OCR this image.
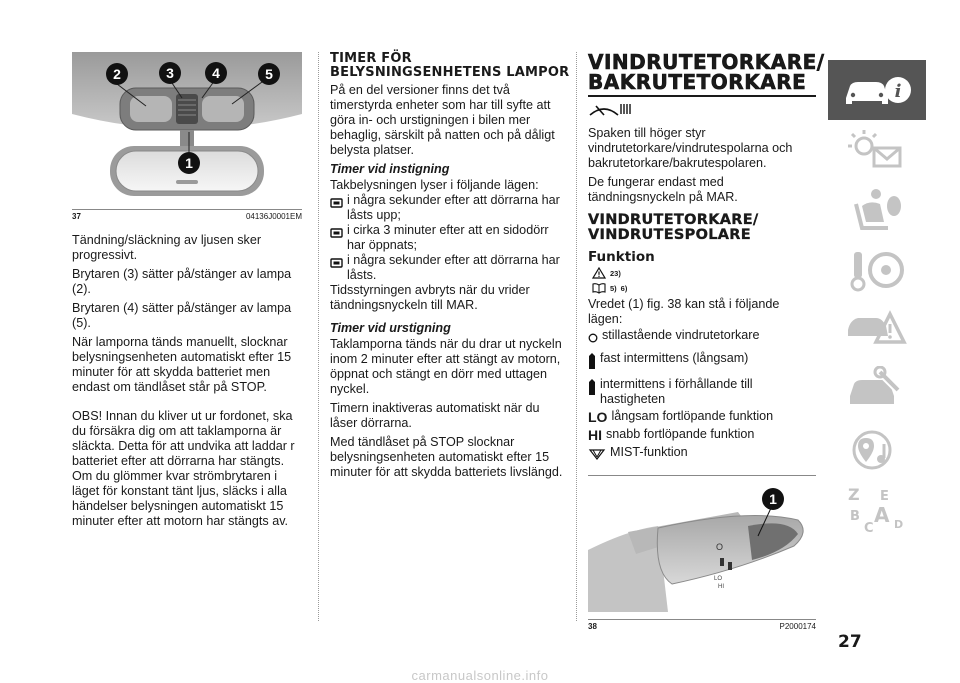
2	3	4	5
1
37	04136J0001EM

Tändning/släckning av ljusen sker progressivt.

Brytaren (3) sätter på/stänger av lampa (2).

Brytaren (4) sätter på/stänger av lampa (5).

När lamporna tänds manuellt, slocknar belysningsenheten automatiskt efter 15 minuter för att skydda batteriet men endast om tändlåset står på STOP.

OBS! Innan du kliver ut ur fordonet, ska du försäkra dig om att taklamporna är släckta. Detta för att undvika att laddar r batteriet efter att dörrarna har stängts. Om du glömmer kvar strömbrytaren i läget för konstant tänt ljus, släcks i alla händelser belysningen automatiskt 15 minuter efter att motorn har stängts av.

TIMER FÖR BELYSNINGSENHETENS LAMPOR

På en del versioner finns det två timerstyrda enheter som har till syfte att göra in- och urstigningen i bilen mer behaglig, särskilt på natten och på dåligt belysta platser.

Timer vid instigning

Takbelysningen lyser i följande lägen:

i några sekunder efter att dörrarna har låsts upp;

i cirka 3 minuter efter att en sidodörr har öppnats;

i några sekunder efter att dörrarna har låsts.

Tidsstyrningen avbryts när du vrider tändningsnyckeln till MAR.

Timer vid urstigning

Taklamporna tänds när du drar ut nyckeln inom 2 minuter efter att stängt av motorn, öppnat och stängt en dörr med uttagen nyckel.

Timern inaktiveras automatiskt när du låser dörrarna.

Med tändlåset på STOP slocknar belysningsenheten automatiskt efter 15 minuter för att skydda batteriets livslängd.

VINDRUTETORKARE/
BAKRUTETORKARE

Spaken till höger styr vindrutetorkare/vindrutespolarna och bakrutetorkare/bakrutespolaren.

De fungerar endast med tändningsnyckeln på MAR.

VINDRUTETORKARE/
VINDRUTESPOLARE
Funktion
23)
5) 6)

Vredet (1) fig. 38 kan stå i följande lägen:

stillastående vindrutetorkare

fast intermittens (långsam)

intermittens i förhållande till hastigheten

LO långsam fortlöpande funktion

HI snabb fortlöpande funktion

MIST-funktion

O
LO
HI
1
38	P2000174
i
Z E
B A
C D
27
carmanualsonline.info
